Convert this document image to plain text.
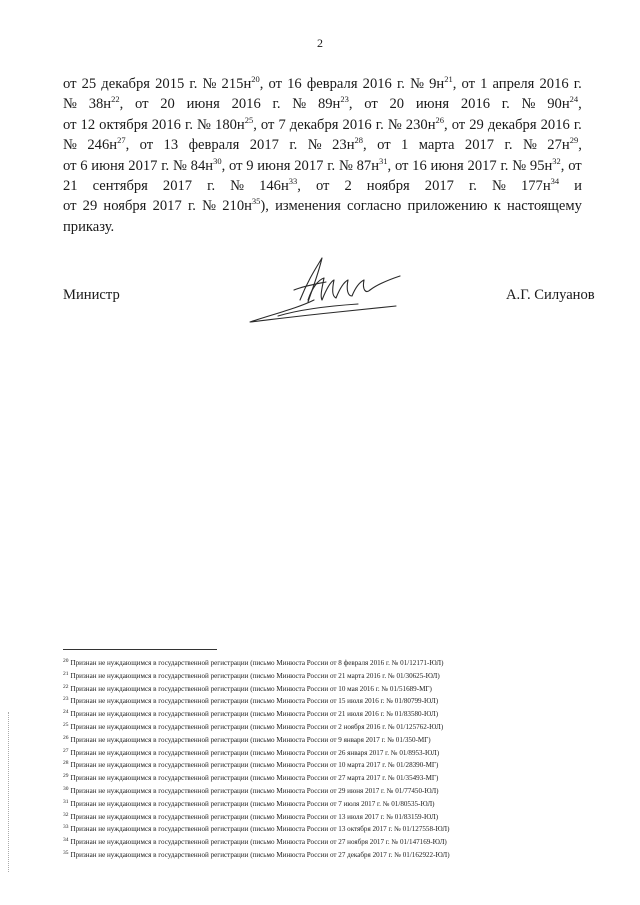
2
от 25 декабря 2015 г. № $215н^{20}$, от 16 февраля 2016 г. № $9н^{21}$, от 1 апреля 2016 г.
№ $38н^{22}$, от 20 июня 2016 г. № $89н^{23}$, от 20 июня 2016 г. № $90н^{24}$,
от 12 октября 2016 г. № $180н^{25}$, от 7 декабря 2016 г. № $230н^{26}$, от 29 декабря 2016 г.
№ $246н^{27}$, от 13 февраля 2017 г. № $23н^{28}$, от 1 марта 2017 г. № $27н^{29}$,
от 6 июня 2017 г. № $84н^{30}$, от 9 июня 2017 г. № $87н^{31}$, от 16 июня 2017 г. № $95н^{32}$, от
21 сентября 2017 г. № $146н^{33}$, от 2 ноября 2017 г. № $177н^{34}$ и
от 29 ноября 2017 г. № $210н^{35}$), изменения согласно приложению к настоящему
приказу.
Министр	А.Г. Силуанов
$^{20}$ Признан не нуждающимся в государственной регистрации (письмо Минюста России от 8 февраля 2016 г. № 01/12171-ЮЛ)
$^{21}$ Признан не нуждающимся в государственной регистрации (письмо Минюста России от 21 марта 2016 г. № 01/30625-ЮЛ)
$^{22}$ Признан не нуждающимся в государственной регистрации (письмо Минюста России от 10 мая 2016 г. № 01/51689-МГ)
$^{23}$ Признан не нуждающимся в государственной регистрации (письмо Минюста России от 15 июля 2016 г. № 01/80799-ЮЛ)
$^{24}$ Признан не нуждающимся в государственной регистрации (письмо Минюста России от 21 июля 2016 г. № 01/83580-ЮЛ)
$^{25}$ Признан не нуждающимся в государственной регистрации (письмо Минюста России от 2 ноября 2016 г. № 01/125762-ЮЛ)
$^{26}$ Признан не нуждающимся в государственной регистрации (письмо Минюста России от 9 января 2017 г. № 01/350-МГ)
$^{27}$ Признан не нуждающимся в государственной регистрации (письмо Минюста России от 26 января 2017 г. № 01/8953-ЮЛ)
$^{28}$ Признан не нуждающимся в государственной регистрации (письмо Минюста России от 10 марта 2017 г. № 01/28390-МГ)
$^{29}$ Признан не нуждающимся в государственной регистрации (письмо Минюста России от 27 марта 2017 г. № 01/35493-МГ)
$^{30}$ Признан не нуждающимся в государственной регистрации (письмо Минюста России от 29 июня 2017 г. № 01/77450-ЮЛ)
$^{31}$ Признан не нуждающимся в государственной регистрации (письмо Минюста России от 7 июля 2017 г. № 01/80535-ЮЛ)
$^{32}$ Признан не нуждающимся в государственной регистрации (письмо Минюста России от 13 июля 2017 г. № 01/83159-ЮЛ)
$^{33}$ Признан не нуждающимся в государственной регистрации (письмо Минюста России от 13 октября 2017 г. № 01/127558-ЮЛ)
$^{34}$ Признан не нуждающимся в государственной регистрации (письмо Минюста России от 27 ноября 2017 г. № 01/147169-ЮЛ)
$^{35}$ Признан не нуждающимся в государственной регистрации (письмо Минюста России от 27 декабря 2017 г. № 01/162922-ЮЛ)
